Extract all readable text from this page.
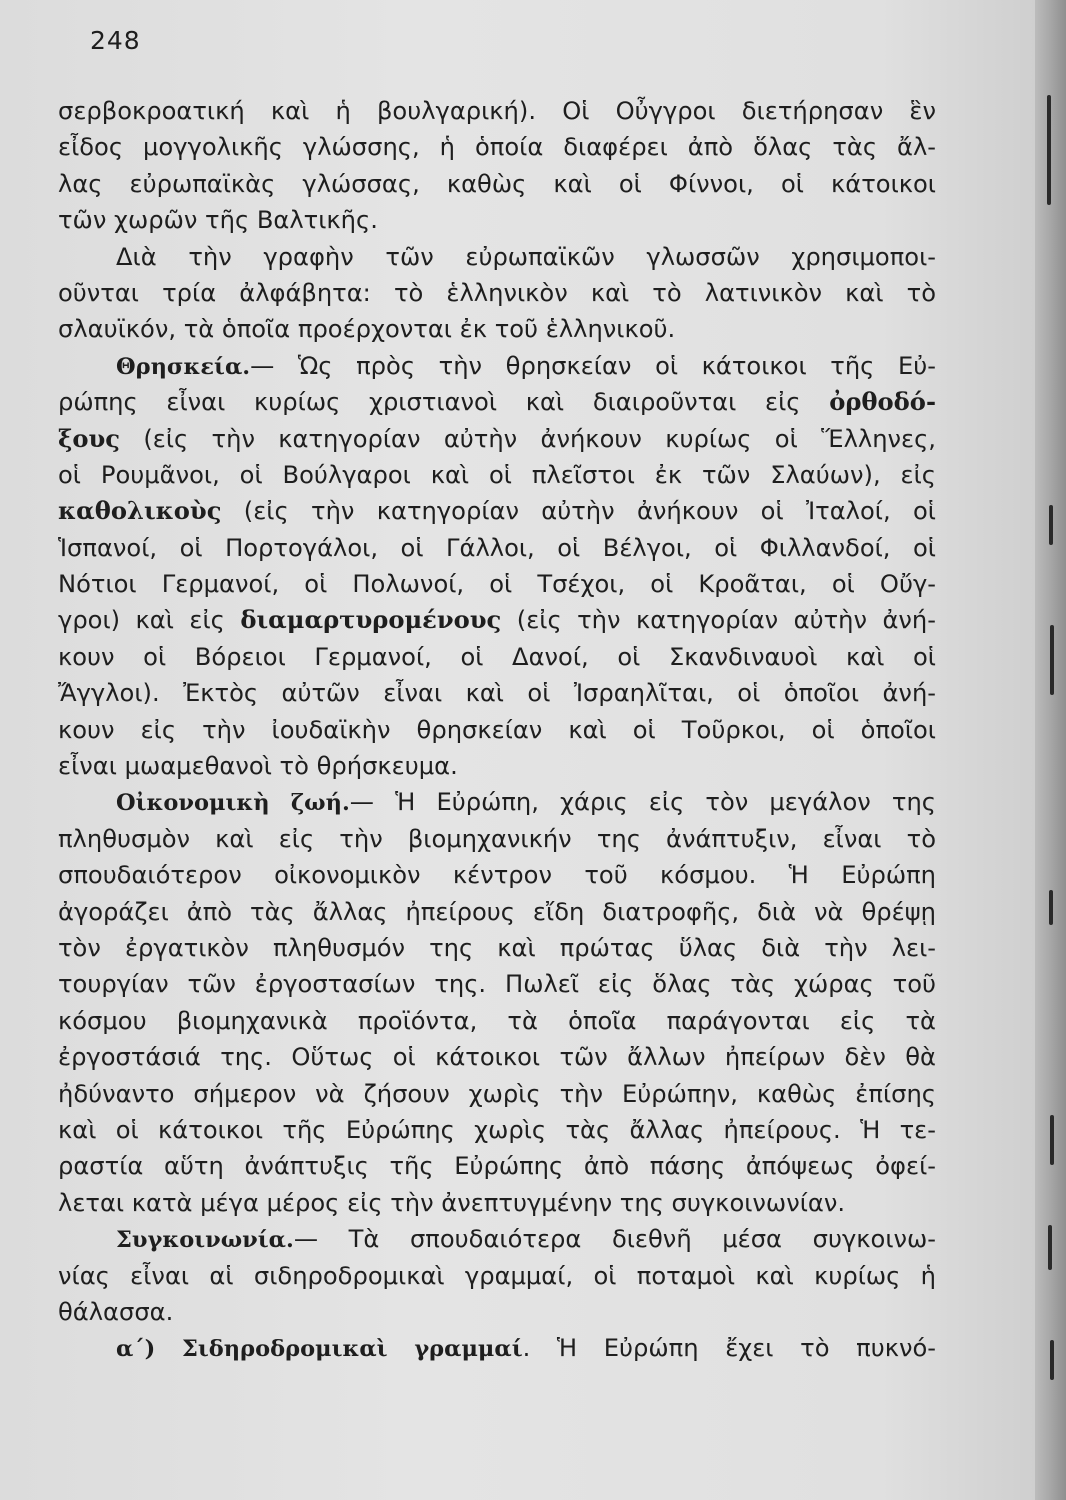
248
σερβοκροατική καὶ ἡ βουλγαρική). Οἱ Οὖγγροι διετήρησαν ἓν
εἶδος μογγολικῆς γλώσσης, ἡ ὁποία διαφέρει ἀπὸ ὅλας τὰς ἄλ-
λας εὐρωπαϊκὰς γλώσσας, καθὼς καὶ οἱ Φίννοι, οἱ κάτοικοι
τῶν χωρῶν τῆς Βαλτικῆς.
Διὰ τὴν γραφὴν τῶν εὐρωπαϊκῶν γλωσσῶν χρησιμοποι-
οῦνται τρία ἀλφάβητα: τὸ ἑλληνικὸν καὶ τὸ λατινικὸν καὶ τὸ
σλαυϊκόν, τὰ ὁποῖα προέρχονται ἐκ τοῦ ἑλληνικοῦ.
Θρησκεία.— Ὡς πρὸς τὴν θρησκείαν οἱ κάτοικοι τῆς Εὐ-
ρώπης εἶναι κυρίως χριστιανοὶ καὶ διαιροῦνται εἰς ὀρθοδό-
ξους (εἰς τὴν κατηγορίαν αὐτὴν ἀνήκουν κυρίως οἱ Ἕλληνες,
οἱ Ρουμᾶνοι, οἱ Βούλγαροι καὶ οἱ πλεῖστοι ἐκ τῶν Σλαύων), εἰς
καθολικοὺς (εἰς τὴν κατηγορίαν αὐτὴν ἀνήκουν οἱ Ἰταλοί, οἱ
Ἱσπανοί, οἱ Πορτογάλοι, οἱ Γάλλοι, οἱ Βέλγοι, οἱ Φιλλανδοί, οἱ
Νότιοι Γερμανοί, οἱ Πολωνοί, οἱ Τσέχοι, οἱ Κροᾶται, οἱ Οὔγ-
γροι) καὶ εἰς διαμαρτυρομένους (εἰς τὴν κατηγορίαν αὐτὴν ἀνή-
κουν οἱ Βόρειοι Γερμανοί, οἱ Δανοί, οἱ Σκανδιναυοὶ καὶ οἱ
Ἄγγλοι). Ἐκτὸς αὐτῶν εἶναι καὶ οἱ Ἰσραηλῖται, οἱ ὁποῖοι ἀνή-
κουν εἰς τὴν ἰουδαϊκὴν θρησκείαν καὶ οἱ Τοῦρκοι, οἱ ὁποῖοι
εἶναι μωαμεθανοὶ τὸ θρήσκευμα.
Οἰκονομικὴ ζωή.— Ἡ Εὐρώπη, χάρις εἰς τὸν μεγάλον της
πληθυσμὸν καὶ εἰς τὴν βιομηχανικήν της ἀνάπτυξιν, εἶναι τὸ
σπουδαιότερον οἰκονομικὸν κέντρον τοῦ κόσμου. Ἡ Εὐρώπη
ἀγοράζει ἀπὸ τὰς ἄλλας ἠπείρους εἴδη διατροφῆς, διὰ νὰ θρέψῃ
τὸν ἐργατικὸν πληθυσμόν της καὶ πρώτας ὕλας διὰ τὴν λει-
τουργίαν τῶν ἐργοστασίων της. Πωλεῖ εἰς ὅλας τὰς χώρας τοῦ
κόσμου βιομηχανικὰ προϊόντα, τὰ ὁποῖα παράγονται εἰς τὰ
ἐργοστάσιά της. Οὕτως οἱ κάτοικοι τῶν ἄλλων ἠπείρων δὲν θὰ
ἠδύναντο σήμερον νὰ ζήσουν χωρὶς τὴν Εὐρώπην, καθὼς ἐπίσης
καὶ οἱ κάτοικοι τῆς Εὐρώπης χωρὶς τὰς ἄλλας ἠπείρους. Ἡ τε-
ραστία αὕτη ἀνάπτυξις τῆς Εὐρώπης ἀπὸ πάσης ἀπόψεως ὀφεί-
λεται κατὰ μέγα μέρος εἰς τὴν ἀνεπτυγμένην της συγκοινωνίαν.
Συγκοινωνία.— Τὰ σπουδαιότερα διεθνῆ μέσα συγκοινω-
νίας εἶναι αἱ σιδηροδρομικαὶ γραμμαί, οἱ ποταμοὶ καὶ κυρίως ἡ
θάλασσα.
α΄) Σιδηροδρομικαὶ γραμμαί. Ἡ Εὐρώπη ἔχει τὸ πυκνό-
